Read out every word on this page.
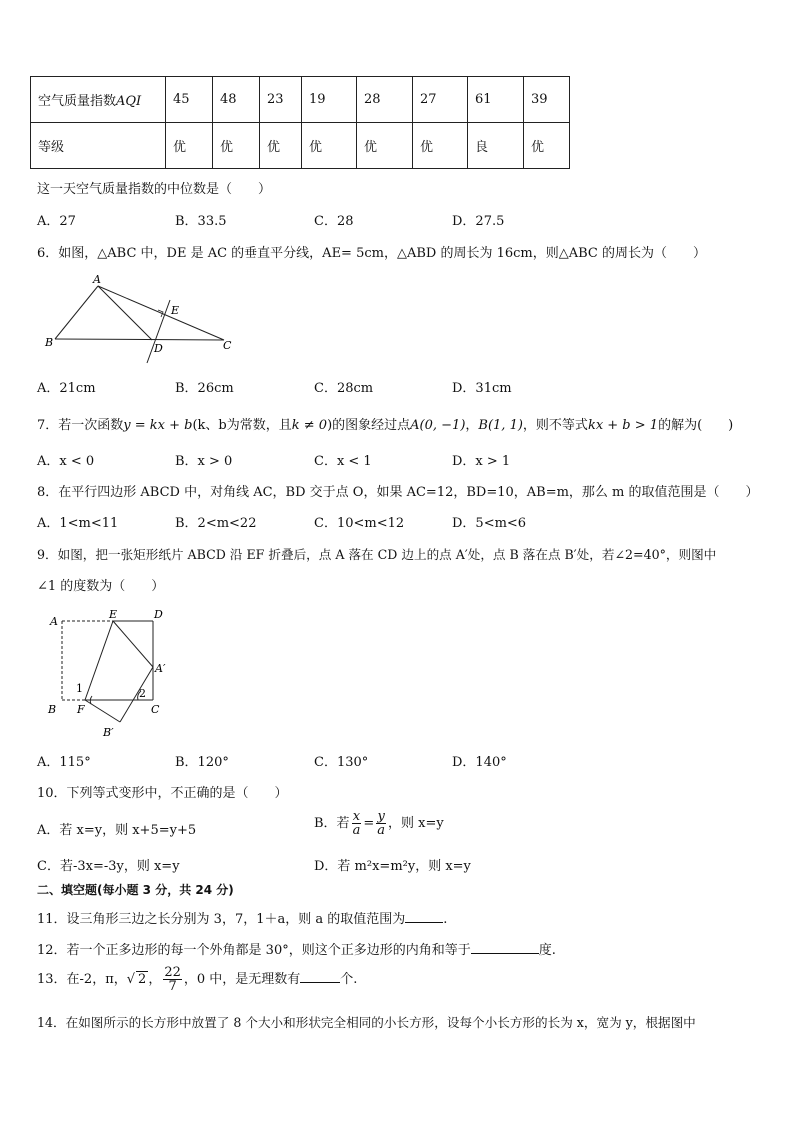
空气质量指数AQI	45	48	23	19	28	27	61	39
等级	优	优	优	优	优	优	良	优
这一天空气质量指数的中位数是（　　）
A．27	B．33.5	C．28	D．27.5
6．如图，△ABC 中，DE 是 AC 的垂直平分线，AE= 5cm，△ABD 的周长为 16cm，则△ABC 的周长为（　　）
A
B	C
D
E
A．21cm	B．26cm	C．28cm	D．31cm
7．若一次函数y = kx + b(k、b为常数，且k ≠ 0)的图象经过点A(0, −1)，B(1, 1)，则不等式kx + b > 1的解为(　　)
A．x < 0	B．x > 0	C．x < 1	D．x > 1
8．在平行四边形 ABCD 中，对角线 AC，BD 交于点 O，如果 AC=12，BD=10，AB=m，那么 m 的取值范围是（　　）
A．1<m<11	B．2<m<22	C．10<m<12	D．5<m<6
9．如图，把一张矩形纸片 ABCD 沿 EF 折叠后，点 A 落在 CD 边上的点 A′处，点 B 落在点 B′处，若∠2=40°，则图中
∠1 的度数为（　　）
A
E	D
A′
B F	C
B′
1	2
A．115°	B．120°	C．130°	D．140°
10．下列等式变形中，不正确的是（　　）
A．若 x=y，则 x+5=y+5	B．若 $\frac{x}{a} = \frac{y}{a}$ ，则 x=y
C．若-3x=-3y，则 x=y	D．若 m²x=m²y，则 x=y
二、填空题(每小题 3 分，共 24 分)
11．设三角形三边之长分别为 3，7，1＋a，则 a 的取值范围为	.
12．若一个正多边形的每一个外角都是 30°，则这个正多边形的内角和等于	度.
13．在-2，π，√ 2 ， $\frac{22}{7}$ ，0 中，是无理数有	个.
14．在如图所示的长方形中放置了 8 个大小和形状完全相同的小长方形，设每个小长方形的长为 x，宽为 y，根据图中
